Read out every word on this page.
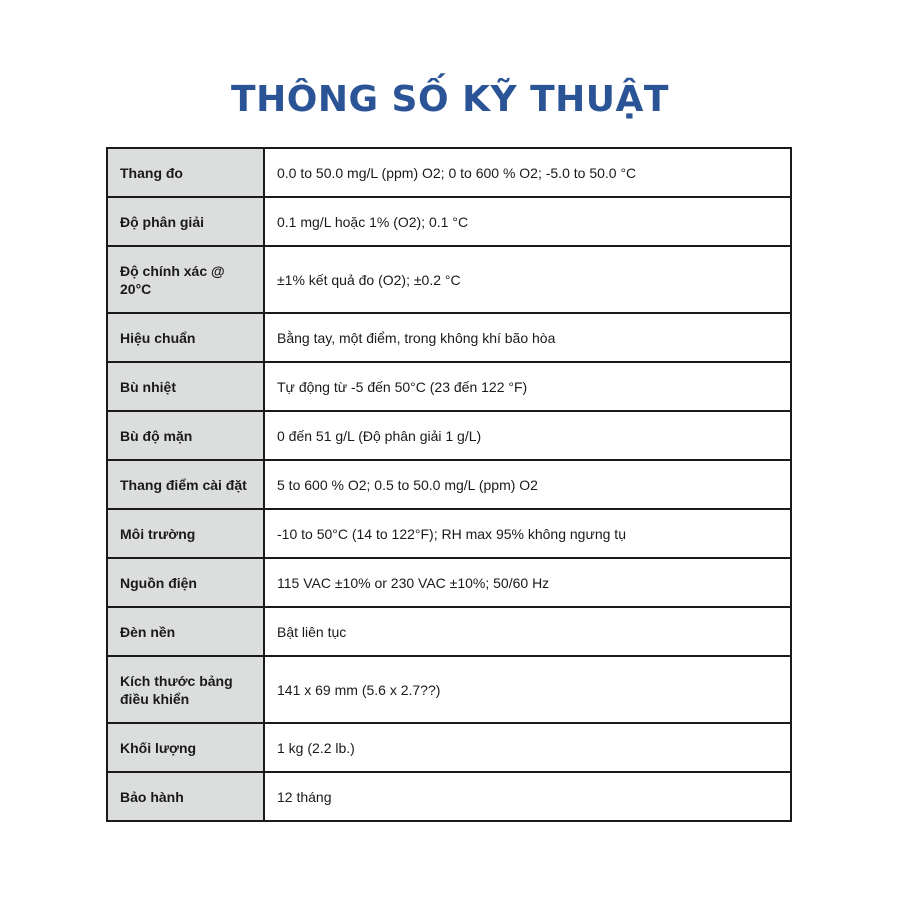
THÔNG SỐ KỸ THUẬT
Thang đo	0.0 to 50.0 mg/L (ppm) O2; 0 to 600 % O2; -5.0 to 50.0 °C
Độ phân giải	0.1 mg/L hoặc 1% (O2); 0.1 °C
Độ chính xác @ 20°C	±1% kết quả đo (O2); ±0.2 °C
Hiệu chuẩn	Bằng tay, một điểm, trong không khí bão hòa
Bù nhiệt	Tự động từ -5 đến 50°C (23 đến 122 °F)
Bù độ mặn	0 đến 51 g/L (Độ phân giải 1 g/L)
Thang điểm cài đặt	5 to 600 % O2; 0.5 to 50.0 mg/L (ppm) O2
Môi trường	-10 to 50°C (14 to 122°F); RH max 95% không ngưng tụ
Nguồn điện	115 VAC ±10% or 230 VAC ±10%; 50/60 Hz
Đèn nền	Bật liên tục
Kích thước bảng điều khiển	141 x 69 mm (5.6 x 2.7??)
Khối lượng	1 kg (2.2 lb.)
Bảo hành	12 tháng
